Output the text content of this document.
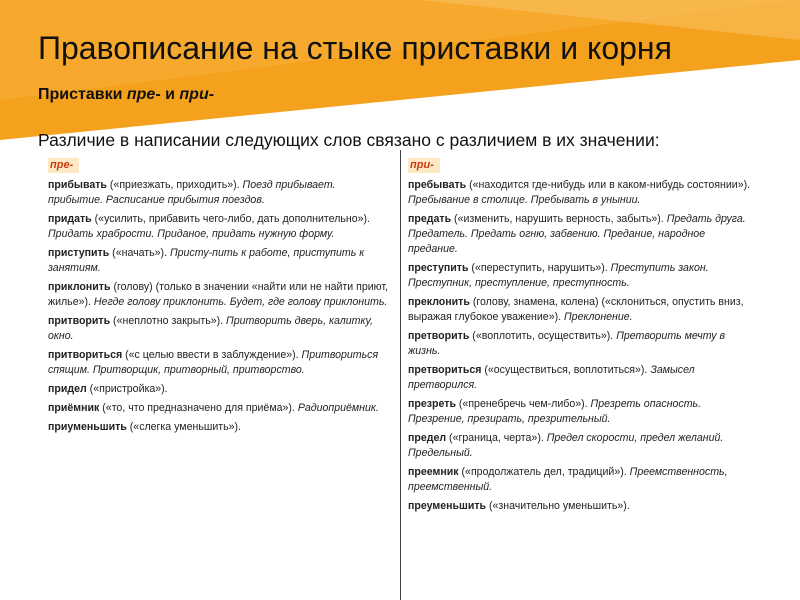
Правописание на стыке приставки и корня
Приставки пре- и при-
Различие в написании следующих слов связано с различием в их значении:
пре-
прибывать («приезжать, приходить»). Поезд прибывает. прибытие. Расписание прибытия поездов.
придать («усилить, прибавить чего-либо, дать дополнительно»). Придать храбрости. Приданое, придать нужную форму.
приступить («начать»). Присту-пить к работе, приступить к занятиям.
приклонить (голову) (только в значении «найти или не найти приют, жилье»). Негде голову приклонить. Будет, где голову приклонить.
притворить («неплотно закрыть»). Притворить дверь, калитку, окно.
притвориться («с целью ввести в заблуждение»). Притвориться спящим. Притворщик, притворный, притворство.
придел («пристройка»).
приёмник («то, что предназначено для приёма»). Радиоприёмник.
приуменьшить («слегка уменьшить»).
при-
пребывать («находится где-нибудь или в каком-нибудь состоянии»). Пребывание в столице. Пребывать в унынии.
предать («изменить, нарушить верность, забыть»). Предать друга. Предатель. Предать огню, забвению. Предание, народное предание.
преступить («переступить, нарушить»). Преступить закон. Преступник, преступление, преступность.
преклонить (голову, знамена, колена) («склониться, опустить вниз, выражая глубокое уважение»). Преклонение.
претворить («воплотить, осуществить»). Претворить мечту в жизнь.
претвориться («осуществиться, воплотиться»). Замысел претворился.
презреть («пренебречь чем-либо»). Презреть опасность. Презрение, презирать, презрительный.
предел («граница, черта»). Предел скорости, предел желаний. Предельный.
преемник («продолжатель дел, традиций»). Преемственность, преемственный.
преуменьшить («значительно уменьшить»).
